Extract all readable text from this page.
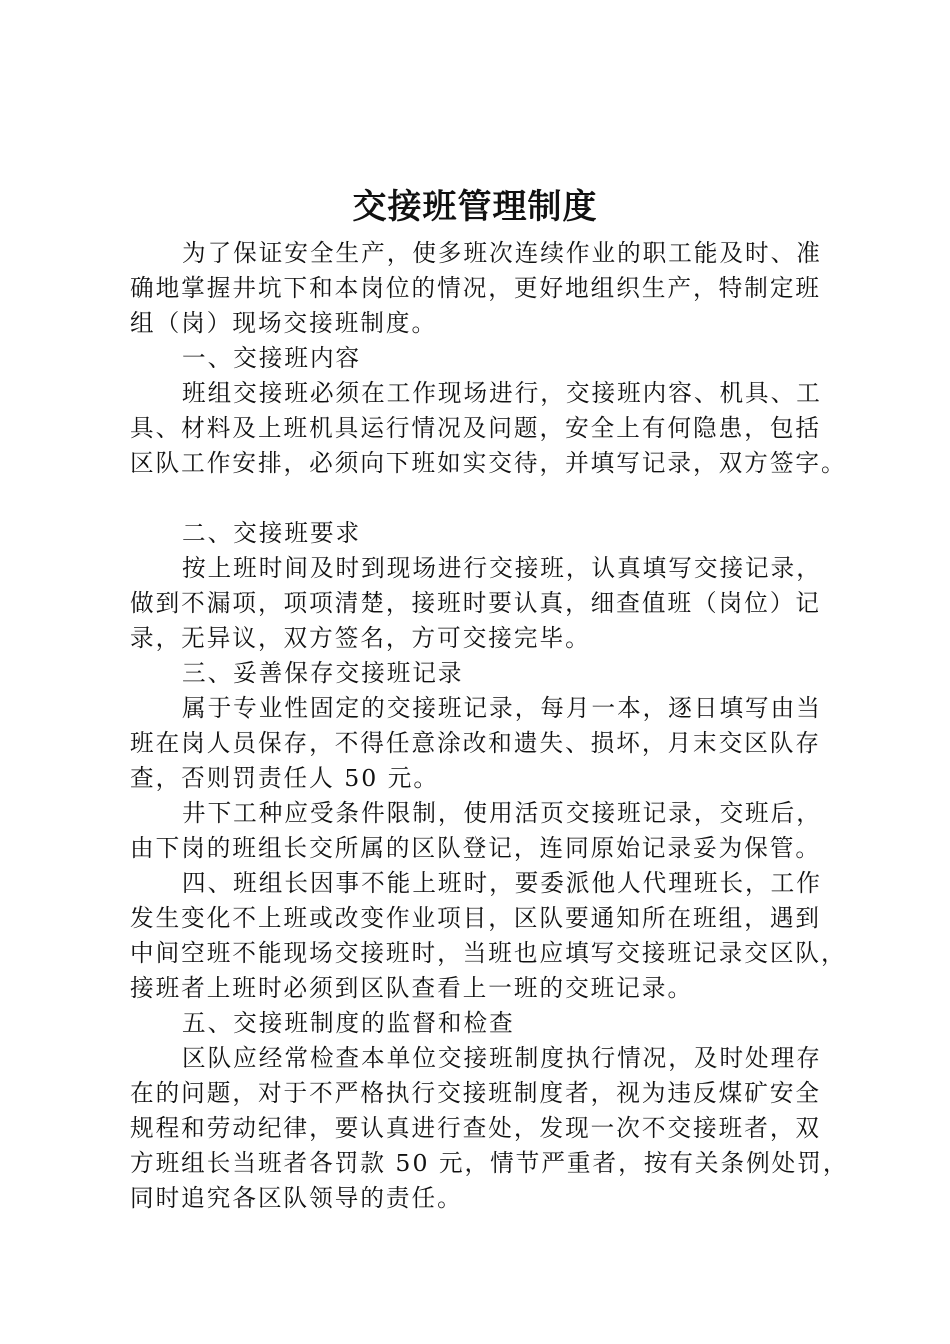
交接班管理制度
为了保证安全生产，使多班次连续作业的职工能及时、准
确地掌握井坑下和本岗位的情况，更好地组织生产，特制定班
组（岗）现场交接班制度。
一、交接班内容
班组交接班必须在工作现场进行，交接班内容、机具、工
具、材料及上班机具运行情况及问题，安全上有何隐患，包括
区队工作安排，必须向下班如实交待，并填写记录，双方签字。
二、交接班要求
按上班时间及时到现场进行交接班，认真填写交接记录，
做到不漏项，项项清楚，接班时要认真，细查值班（岗位）记
录，无异议，双方签名，方可交接完毕。
三、妥善保存交接班记录
属于专业性固定的交接班记录，每月一本，逐日填写由当
班在岗人员保存，不得任意涂改和遗失、损坏，月末交区队存
查，否则罚责任人 50 元。
井下工种应受条件限制，使用活页交接班记录，交班后，
由下岗的班组长交所属的区队登记，连同原始记录妥为保管。
四、班组长因事不能上班时，要委派他人代理班长，工作
发生变化不上班或改变作业项目，区队要通知所在班组，遇到
中间空班不能现场交接班时，当班也应填写交接班记录交区队，
接班者上班时必须到区队查看上一班的交班记录。
五、交接班制度的监督和检查
区队应经常检查本单位交接班制度执行情况，及时处理存
在的问题，对于不严格执行交接班制度者，视为违反煤矿安全
规程和劳动纪律，要认真进行查处，发现一次不交接班者，双
方班组长当班者各罚款 50 元，情节严重者，按有关条例处罚，
同时追究各区队领导的责任。
